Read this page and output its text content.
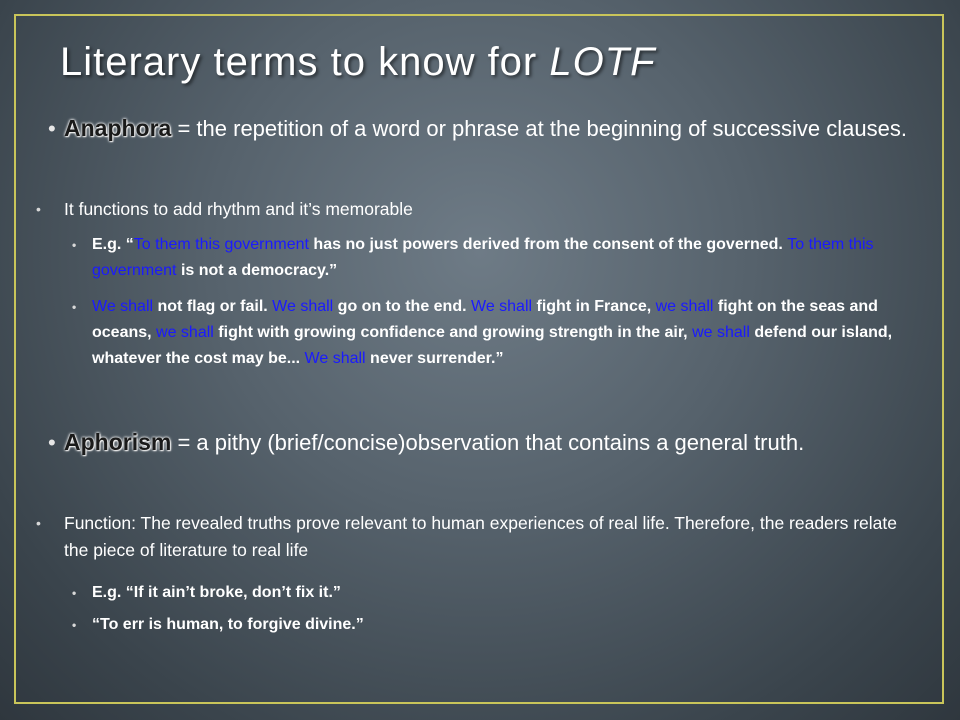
Literary terms to know for LOTF
• Anaphora = the repetition of a word or phrase at the beginning of successive clauses.
• It functions to add rhythm and it’s memorable
• E.g. “To them this government has no just powers derived from the consent of the governed. To them this government is not a democracy.”
• We shall not flag or fail. We shall go on to the end. We shall fight in France, we shall fight on the seas and oceans, we shall fight with growing confidence and growing strength in the air, we shall defend our island, whatever the cost may be... We shall never surrender.”
• Aphorism = a pithy (brief/concise)observation that contains a general truth.
• Function: The revealed truths prove relevant to human experiences of real life. Therefore, the readers relate the piece of literature to real life
• E.g. “If it ain’t broke, don’t fix it.”
• “To err is human, to forgive divine.”
